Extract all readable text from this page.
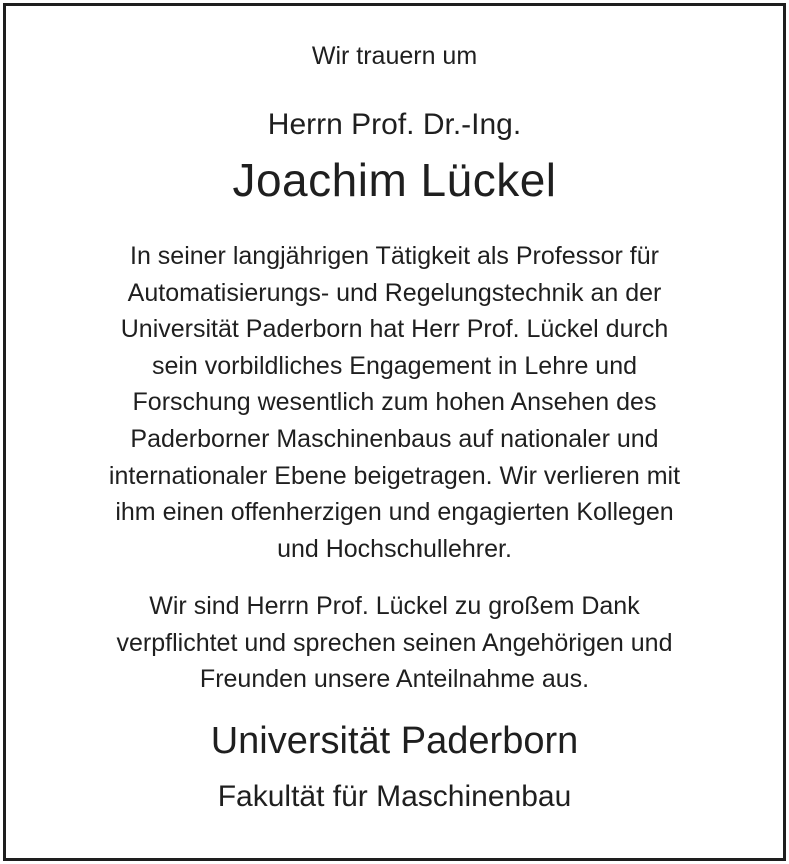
Wir trauern um

Herrn Prof. Dr.-Ing.

Joachim Lückel

In seiner langjährigen Tätigkeit als Professor für
Automatisierungs- und Regelungstechnik an der
Universität Paderborn hat Herr Prof. Lückel durch
sein vorbildliches Engagement in Lehre und
Forschung wesentlich zum hohen Ansehen des
Paderborner Maschinenbaus auf nationaler und
internationaler Ebene beigetragen. Wir verlieren mit
ihm einen offenherzigen und engagierten Kollegen
und Hochschullehrer.
Wir sind Herrn Prof. Lückel zu großem Dank
verpflichtet und sprechen seinen Angehörigen und
Freunden unsere Anteilnahme aus.

Universität Paderborn

Fakultät für Maschinenbau
